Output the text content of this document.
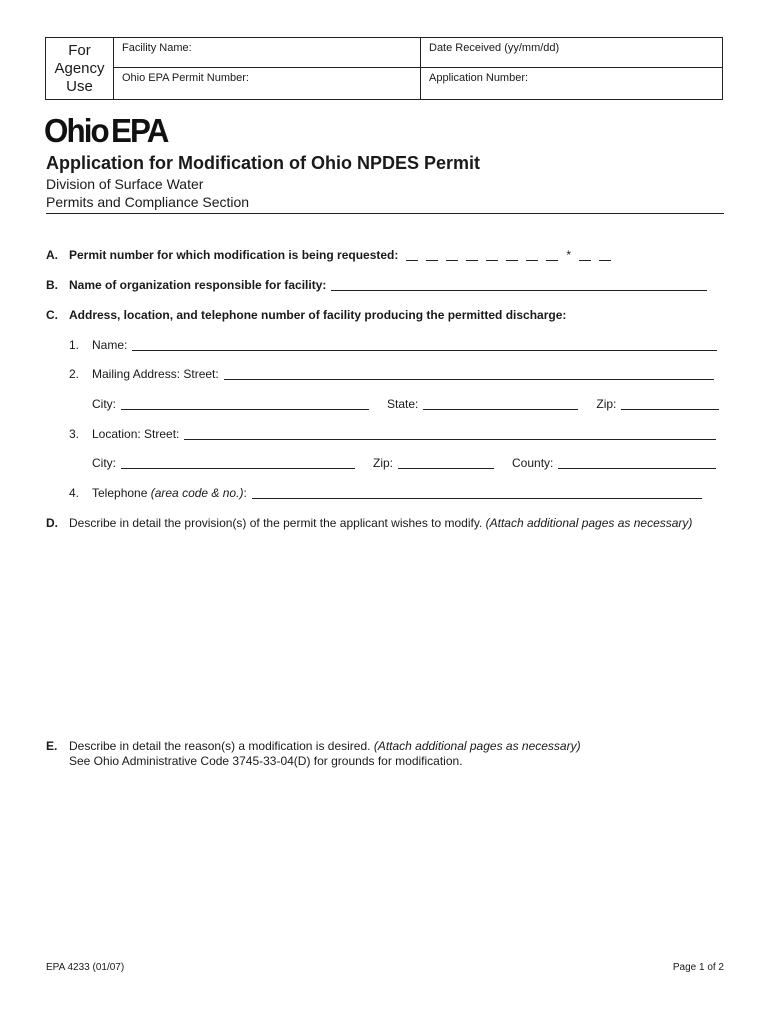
For
Agency
Use
Facility Name:	Date Received (yy/mm/dd)
Ohio EPA Permit Number:	Application Number:
Ohio EPA
Application for Modification of Ohio NPDES Permit
Division of Surface Water
Permits and Compliance Section
A. Permit number for which modification is being requested:	*
B. Name of organization responsible for facility:
C. Address, location, and telephone number of facility producing the permitted discharge:
1.	Name:
2.	Mailing Address: Street:
City:	State:	Zip:
3.	Location: Street:
City:	Zip:	County:
4.	Telephone (area code & no.) :
D. Describe in detail the provision(s) of the permit the applicant wishes to modify. (Attach additional pages as necessary)
E. Describe in detail the reason(s) a modification is desired. (Attach additional pages as necessary)
See Ohio Administrative Code 3745-33-04(D) for grounds for modification.
EPA 4233 (01/07)	Page 1 of 2
